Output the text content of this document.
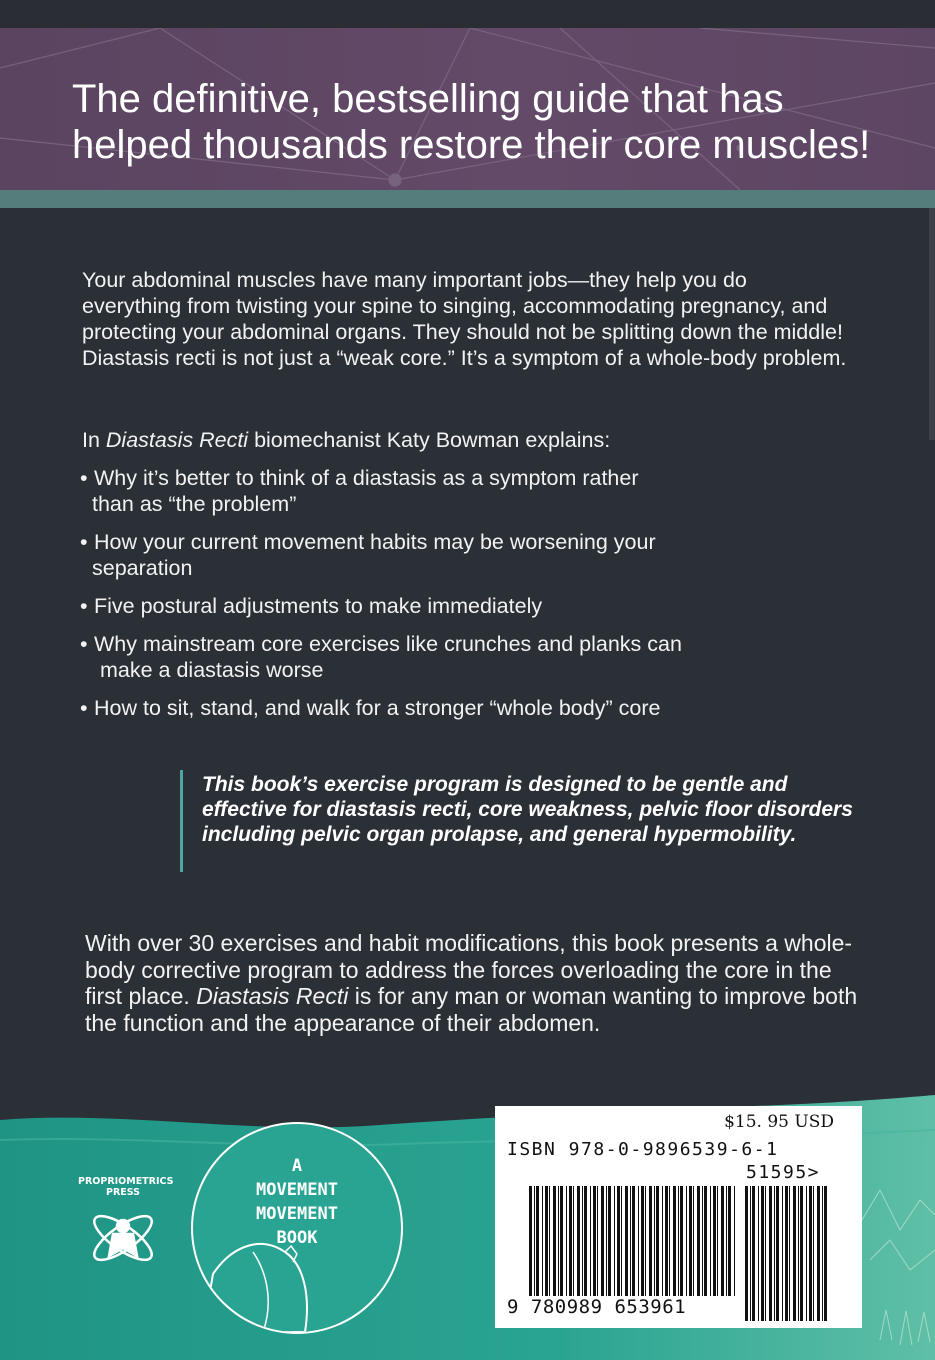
The definitive, bestselling guide that has helped thousands restore their core muscles!
Your abdominal muscles have many important jobs—they help you do everything from twisting your spine to singing, accommodating pregnancy, and protecting your abdominal organs. They should not be splitting down the middle! Diastasis recti is not just a “weak core.” It’s a symptom of a whole-body problem.
In Diastasis Recti biomechanist Katy Bowman explains:
• Why it’s better to think of a diastasis as a symptom rather
than as “the problem”
• How your current movement habits may be worsening your
separation
• Five postural adjustments to make immediately
• Why mainstream core exercises like crunches and planks can
make a diastasis worse
• How to sit, stand, and walk for a stronger “whole body” core
This book’s exercise program is designed to be gentle and effective for diastasis recti, core weakness, pelvic floor disorders including pelvic organ prolapse, and general hypermobility.
With over 30 exercises and habit modifications, this book presents a whole-body corrective program to address the forces overloading the core in the first place. Diastasis Recti is for any man or woman wanting to improve both the function and the appearance of their abdomen.
PROPRIOMETRICS
PRESS
A
MOVEMENT
MOVEMENT
BOOK
$15. 95 USD
ISBN 978-0-9896539-6-1
51595>
9 780989 653961
